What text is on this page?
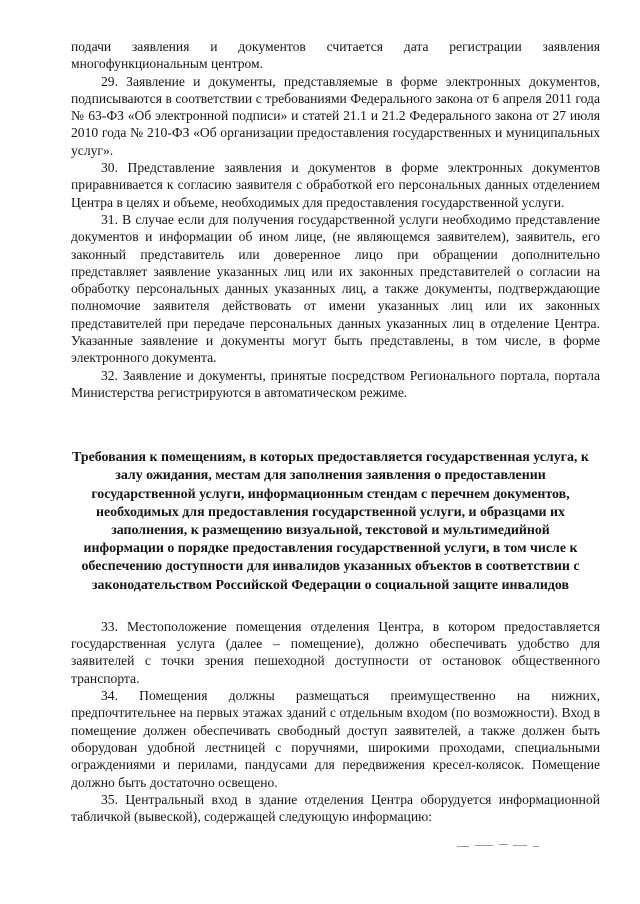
подачи заявления и документов считается дата регистрации заявления многофункциональным центром.

29. Заявление и документы, представляемые в форме электронных документов, подписываются в соответствии с требованиями Федерального закона от 6 апреля 2011 года № 63-ФЗ «Об электронной подписи» и статей 21.1 и 21.2 Федерального закона от 27 июля 2010 года № 210-ФЗ «Об организации предоставления государственных и муниципальных услуг».

30. Представление заявления и документов в форме электронных документов приравнивается к согласию заявителя с обработкой его персональных данных отделением Центра в целях и объеме, необходимых для предоставления государственной услуги.

31. В случае если для получения государственной услуги необходимо представление документов и информации об ином лице, (не являющемся заявителем), заявитель, его законный представитель или доверенное лицо при обращении дополнительно представляет заявление указанных лиц или их законных представителей о согласии на обработку персональных данных указанных лиц, а также документы, подтверждающие полномочие заявителя действовать от имени указанных лиц или их законных представителей при передаче персональных данных указанных лиц в отделение Центра. Указанные заявление и документы могут быть представлены, в том числе, в форме электронного документа.

32. Заявление и документы, принятые посредством Регионального портала, портала Министерства регистрируются в автоматическом режиме.

Требования к помещениям, в которых предоставляется государственная услуга, к залу ожидания, местам для заполнения заявления о предоставлении государственной услуги, информационным стендам с перечнем документов, необходимых для предоставления государственной услуги, и образцами их заполнения, к размещению визуальной, текстовой и мультимедийной информации о порядке предоставления государственной услуги, в том числе к обеспечению доступности для инвалидов указанных объектов в соответствии с законодательством Российской Федерации о социальной защите инвалидов

33. Местоположение помещения отделения Центра, в котором предоставляется государственная услуга (далее – помещение), должно обеспечивать удобство для заявителей с точки зрения пешеходной доступности от остановок общественного транспорта.

34. Помещения должны размещаться преимущественно на нижних, предпочтительнее на первых этажах зданий с отдельным входом (по возможности). Вход в помещение должен обеспечивать свободный доступ заявителей, а также должен быть оборудован удобной лестницей с поручнями, широкими проходами, специальными ограждениями и перилами, пандусами для передвижения кресел-колясок. Помещение должно быть достаточно освещено.

35. Центральный вход в здание отделения Центра оборудуется информационной табличкой (вывеской), содержащей следующую информацию:
